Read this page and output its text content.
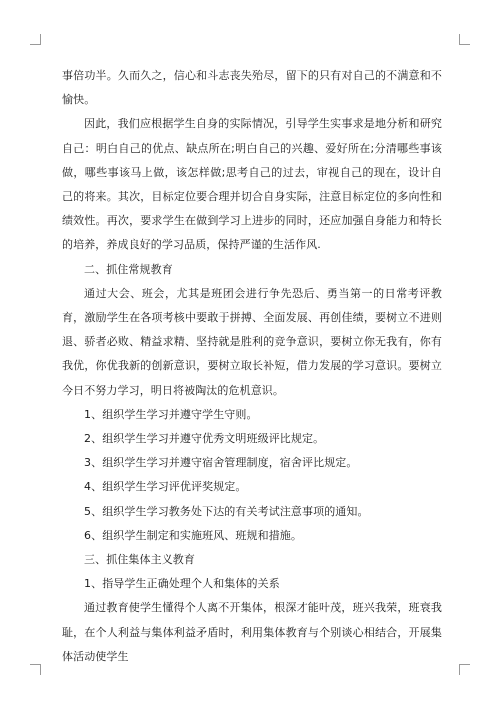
事倍功半。久而久之，信心和斗志丧失殆尽，留下的只有对自己的不满意和不愉快。

因此，我们应根据学生自身的实际情况，引导学生实事求是地分析和研究自己：明白自己的优点、缺点所在;明白自己的兴趣、爱好所在;分清哪些事该做，哪些事该马上做，该怎样做;思考自己的过去，审视自己的现在，设计自己的将来。其次，目标定位要合理并切合自身实际，注意目标定位的多向性和绩效性。再次，要求学生在做到学习上进步的同时，还应加强自身能力和特长的培养，养成良好的学习品质，保持严谨的生活作风.

二、抓住常规教育

通过大会、班会，尤其是班团会进行争先恐后、勇当第一的日常考评教育，激励学生在各项考核中要敢于拼搏、全面发展、再创佳绩，要树立不进则退、骄者必败、精益求精、坚持就是胜利的竞争意识，要树立你无我有，你有我优，你优我新的创新意识，要树立取长补短，借力发展的学习意识。要树立今日不努力学习，明日将被陶汰的危机意识。

1、组织学生学习并遵守学生守则。

2、组织学生学习并遵守优秀文明班级评比规定。

3、组织学生学习并遵守宿舍管理制度，宿舍评比规定。

4、组织学生学习评优评奖规定。

5、组织学生学习教务处下达的有关考试注意事项的通知。

6、组织学生制定和实施班风、班规和措施。

三、抓住集体主义教育

1、指导学生正确处理个人和集体的关系

通过教育使学生懂得个人离不开集体，根深才能叶茂，班兴我荣，班衰我耻，在个人利益与集体利益矛盾时，利用集体教育与个别谈心相结合，开展集体活动使学生
